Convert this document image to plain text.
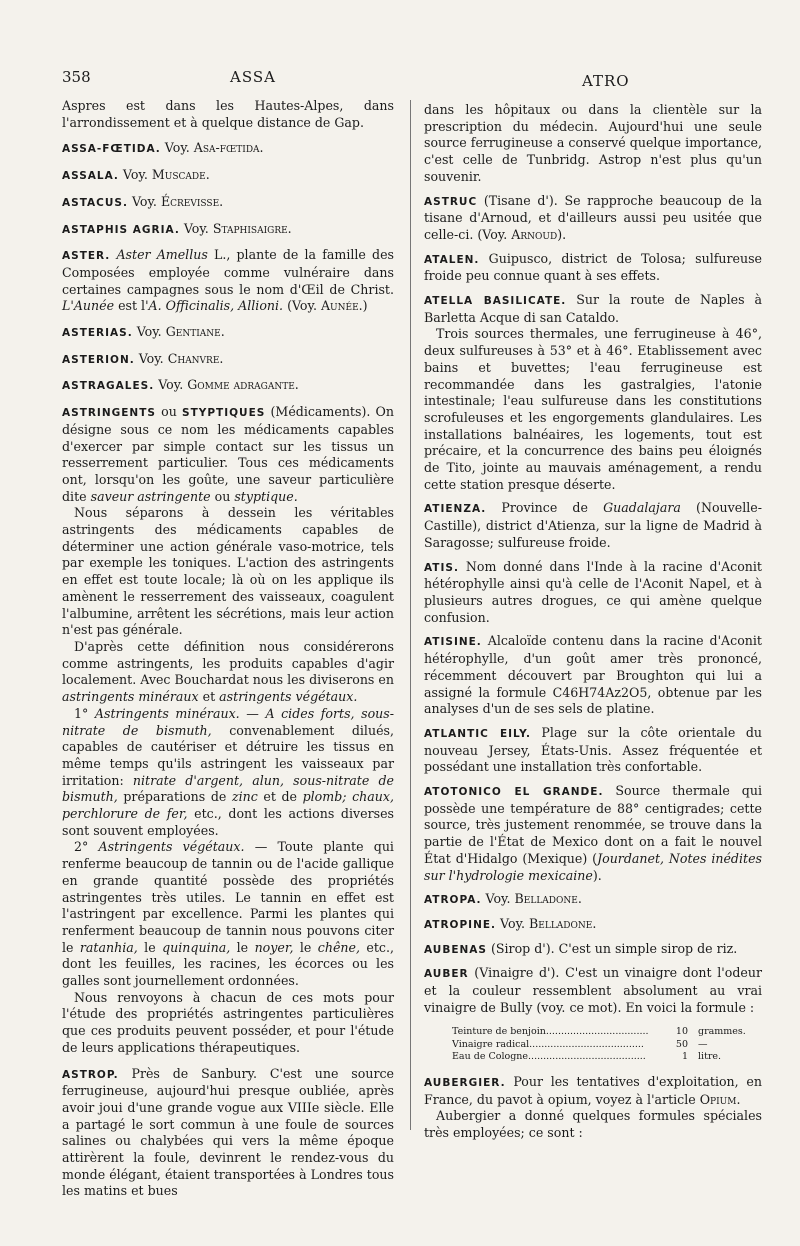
358	ASSA	ATRO

Aspres est dans les Hautes-Alpes, dans l'arrondissement et à quelque distance de Gap.

ASSA-FŒTIDA. Voy. Asa-fœtida.

ASSALA. Voy. Muscade.

ASTACUS. Voy. Écrevisse.

ASTAPHIS AGRIA. Voy. Staphisaigre.

ASTER. Aster Amellus L., plante de la famille des Composées employée comme vulnéraire dans certaines campagnes sous le nom d'Œil de Christ. L'Aunée est l'A. Officinalis, Allioni. (Voy. Aunée.)

ASTERIAS. Voy. Gentiane.

ASTERION. Voy. Chanvre.

ASTRAGALES. Voy. Gomme adragante.

ASTRINGENTS ou STYPTIQUES (Médicaments). On désigne sous ce nom les médicaments capables d'exercer par simple contact sur les tissus un resserrement particulier. Tous ces médicaments ont, lorsqu'on les goûte, une saveur particulière dite saveur astringente ou styptique.

Nous séparons à dessein les véritables astringents des médicaments capables de déterminer une action générale vaso-motrice, tels par exemple les toniques. L'action des astringents en effet est toute locale; là où on les applique ils amènent le resserrement des vaisseaux, coagulent l'albumine, arrêtent les sécrétions, mais leur action n'est pas générale.

D'après cette définition nous considérerons comme astringents, les produits capables d'agir localement. Avec Bouchardat nous les diviserons en astringents minéraux et astringents végétaux.

1° Astringents minéraux. — A cides forts, sous-nitrate de bismuth, convenablement dilués, capables de cautériser et détruire les tissus en même temps qu'ils astringent les vaisseaux par irritation: nitrate d'argent, alun, sous-nitrate de bismuth, préparations de zinc et de plomb; chaux, perchlorure de fer, etc., dont les actions diverses sont souvent employées.

2° Astringents végétaux. — Toute plante qui renferme beaucoup de tannin ou de l'acide gallique en grande quantité possède des propriétés astringentes très utiles. Le tannin en effet est l'astringent par excellence. Parmi les plantes qui renferment beaucoup de tannin nous pouvons citer le ratanhia, le quinquina, le noyer, le chêne, etc., dont les feuilles, les racines, les écorces ou les galles sont journellement ordonnées.

Nous renvoyons à chacun de ces mots pour l'étude des propriétés astringentes particulières que ces produits peuvent posséder, et pour l'étude de leurs applications thérapeutiques.

ASTROP. Près de Sanbury. C'est une source ferrugineuse, aujourd'hui presque oubliée, après avoir joui d'une grande vogue aux VIIIe siècle. Elle a partagé le sort commun à une foule de sources salines ou chalybées qui vers la même époque attirèrent la foule, devinrent le rendez-vous du monde élégant, étaient transportées à Londres tous les matins et bues

dans les hôpitaux ou dans la clientèle sur la prescription du médecin. Aujourd'hui une seule source ferrugineuse a conservé quelque importance, c'est celle de Tunbridg. Astrop n'est plus qu'un souvenir.

ASTRUC (Tisane d'). Se rapproche beaucoup de la tisane d'Arnoud, et d'ailleurs aussi peu usitée que celle-ci. (Voy. Arnoud).

ATALEN. Guipusco, district de Tolosa; sulfureuse froide peu connue quant à ses effets.

ATELLA BASILICATE. Sur la route de Naples à Barletta Acque di san Cataldo.

Trois sources thermales, une ferrugineuse à 46°, deux sulfureuses à 53° et à 46°. Etablissement avec bains et buvettes; l'eau ferrugineuse est recommandée dans les gastralgies, l'atonie intestinale; l'eau sulfureuse dans les constitutions scrofuleuses et les engorgements glandulaires. Les installations balnéaires, les logements, tout est précaire, et la concurrence des bains peu éloignés de Tito, jointe au mauvais aménagement, a rendu cette station presque déserte.

ATIENZA. Province de Guadalajara (Nouvelle-Castille), district d'Atienza, sur la ligne de Madrid à Saragosse; sulfureuse froide.

ATIS. Nom donné dans l'Inde à la racine d'Aconit hétérophylle ainsi qu'à celle de l'Aconit Napel, et à plusieurs autres drogues, ce qui amène quelque confusion.

ATISINE. Alcaloïde contenu dans la racine d'Aconit hétérophylle, d'un goût amer très prononcé, récemment découvert par Broughton qui lui a assigné la formule C46H74Az2O5, obtenue par les analyses d'un de ses sels de platine.

ATLANTIC EILY. Plage sur la côte orientale du nouveau Jersey, États-Unis. Assez fréquentée et possédant une installation très confortable.

ATOTONICO EL GRANDE. Source thermale qui possède une température de 88° centigrades; cette source, très justement renommée, se trouve dans la partie de l'État de Mexico dont on a fait le nouvel État d'Hidalgo (Mexique) (Jourdanet, Notes inédites sur l'hydrologie mexicaine).

ATROPA. Voy. Belladone.

ATROPINE. Voy. Belladone.

AUBENAS (Sirop d'). C'est un simple sirop de riz.

AUBER (Vinaigre d'). C'est un vinaigre dont l'odeur et la couleur ressemblent absolument au vrai vinaigre de Bully (voy. ce mot). En voici la formule :

Teinture de benjoin..................................	10	grammes.
Vinaigre radical......................................	50	—
Eau de Cologne.......................................	1	litre.

AUBERGIER. Pour les tentatives d'exploitation, en France, du pavot à opium, voyez à l'article Opium.

Aubergier a donné quelques formules spéciales très employées; ce sont :
